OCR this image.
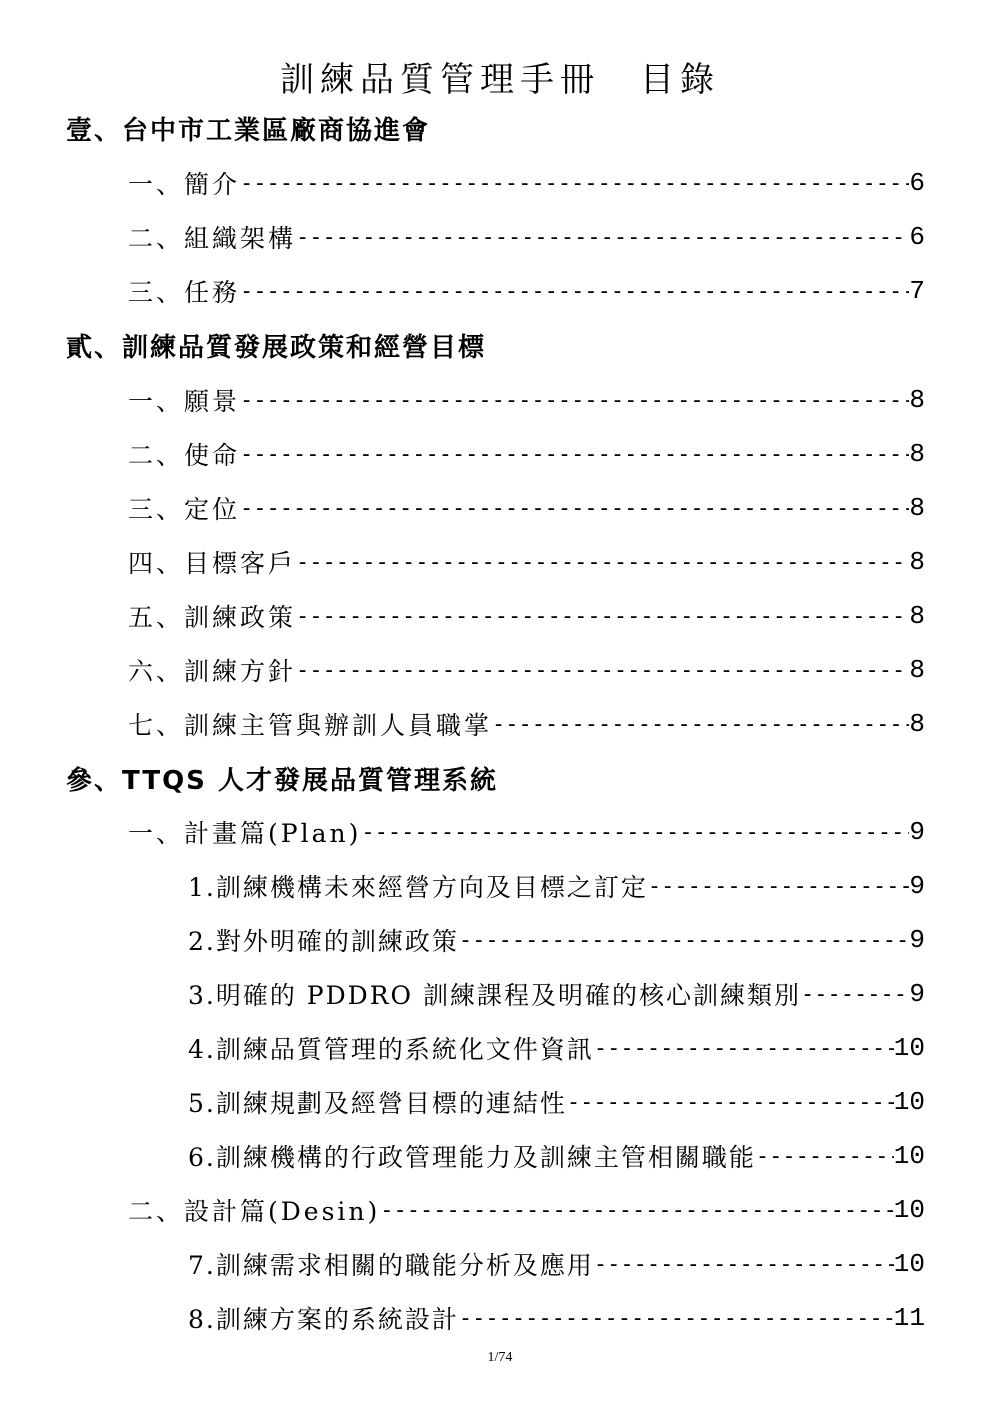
訓練品質管理手冊　目錄
壹、台中市工業區廠商協進會
一、簡介 -----	6
二、組織架構 -----	6
三、任務 -----	7
貳、訓練品質發展政策和經營目標
一、願景 -----	8
二、使命 -----	8
三、定位 -----	8
四、目標客戶 -----	8
五、訓練政策 -----	8
六、訓練方針 -----	8
七、訓練主管與辦訓人員職掌 -----	8
參、TTQS 人才發展品質管理系統
一、計畫篇(Plan) -----	9
1.訓練機構未來經營方向及目標之訂定 -----	9
2.對外明確的訓練政策 -----	9
3.明確的 PDDRO 訓練課程及明確的核心訓練類別 -----	9
4.訓練品質管理的系統化文件資訊 -----	10
5.訓練規劃及經營目標的連結性 -----	10
6.訓練機構的行政管理能力及訓練主管相關職能 -----	10
二、設計篇(Desin) -----	10
7.訓練需求相關的職能分析及應用 -----	10
8.訓練方案的系統設計 -----	11
1/74
